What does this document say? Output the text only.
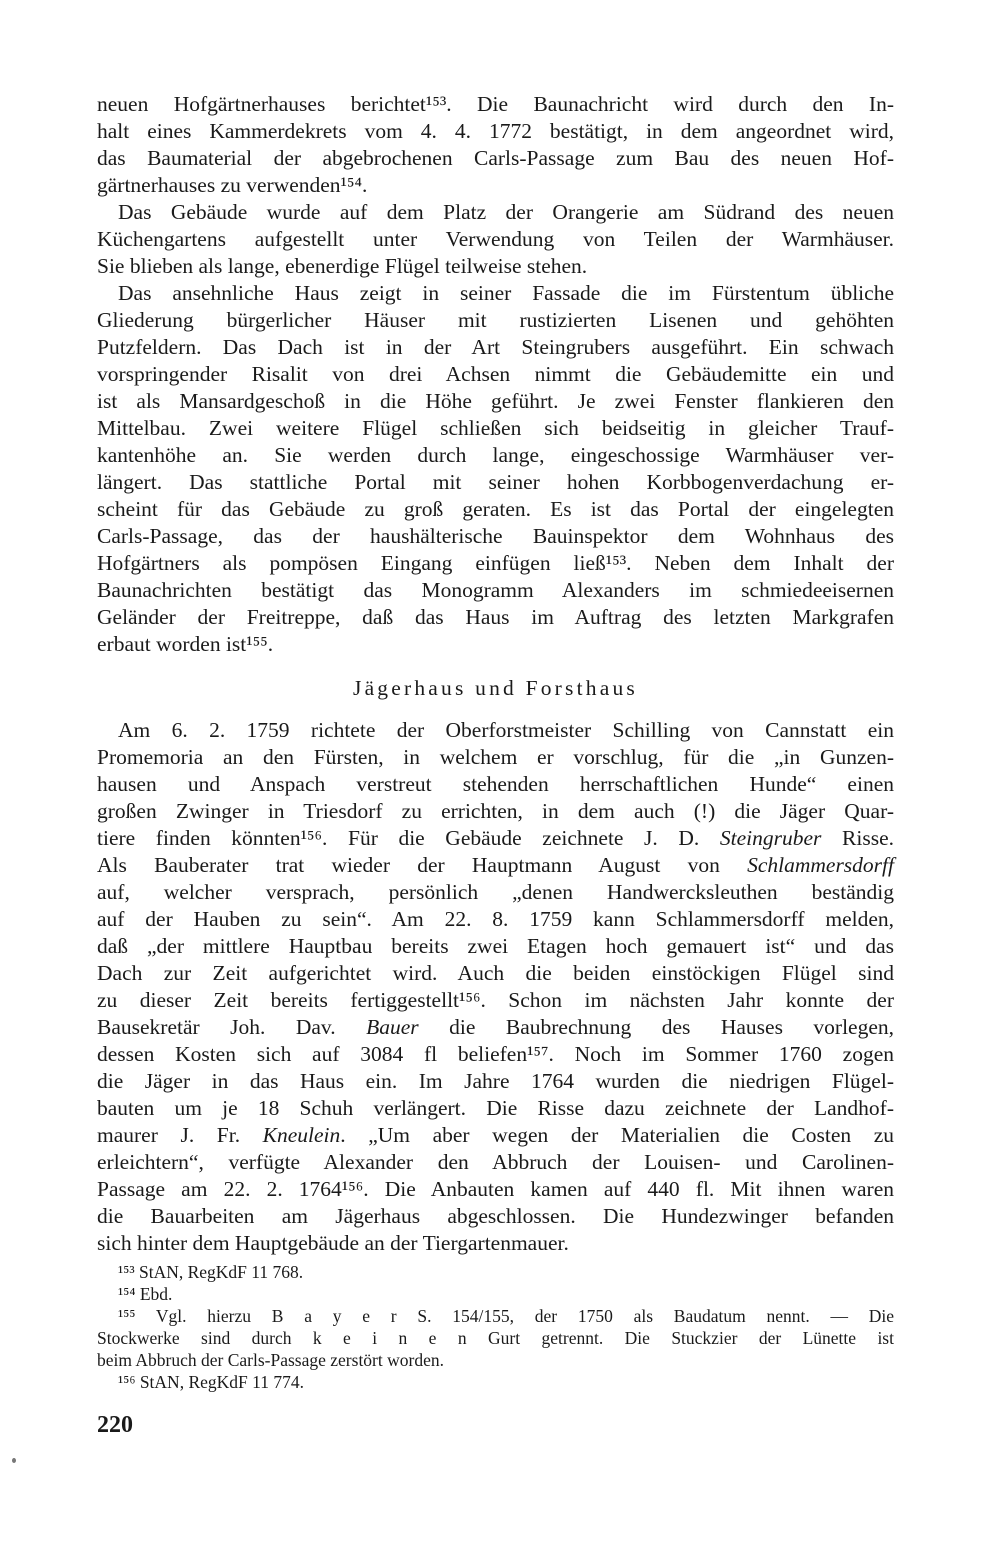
neuen Hofgärtnerhauses berichtet¹⁵³. Die Baunachricht wird durch den In-
halt eines Kammerdekrets vom 4. 4. 1772 bestätigt, in dem angeordnet wird,
das Baumaterial der abgebrochenen Carls-Passage zum Bau des neuen Hof-
gärtnerhauses zu verwenden¹⁵⁴.
Das Gebäude wurde auf dem Platz der Orangerie am Südrand des neuen
Küchengartens aufgestellt unter Verwendung von Teilen der Warmhäuser.
Sie blieben als lange, ebenerdige Flügel teilweise stehen.
Das ansehnliche Haus zeigt in seiner Fassade die im Fürstentum übliche
Gliederung bürgerlicher Häuser mit rustizierten Lisenen und gehöhten
Putzfeldern. Das Dach ist in der Art Steingrubers ausgeführt. Ein schwach
vorspringender Risalit von drei Achsen nimmt die Gebäudemitte ein und
ist als Mansardgeschoß in die Höhe geführt. Je zwei Fenster flankieren den
Mittelbau. Zwei weitere Flügel schließen sich beidseitig in gleicher Trauf-
kantenhöhe an. Sie werden durch lange, eingeschossige Warmhäuser ver-
längert. Das stattliche Portal mit seiner hohen Korbbogenverdachung er-
scheint für das Gebäude zu groß geraten. Es ist das Portal der eingelegten
Carls-Passage, das der haushälterische Bauinspektor dem Wohnhaus des
Hofgärtners als pompösen Eingang einfügen ließ¹⁵³. Neben dem Inhalt der
Baunachrichten bestätigt das Monogramm Alexanders im schmiedeeisernen
Geländer der Freitreppe, daß das Haus im Auftrag des letzten Markgrafen
erbaut worden ist¹⁵⁵.
Jägerhaus und Forsthaus
Am 6. 2. 1759 richtete der Oberforstmeister Schilling von Cannstatt ein
Promemoria an den Fürsten, in welchem er vorschlug, für die „in Gunzen-
hausen und Anspach verstreut stehenden herrschaftlichen Hunde“ einen
großen Zwinger in Triesdorf zu errichten, in dem auch (!) die Jäger Quar-
tiere finden könnten¹⁵⁶. Für die Gebäude zeichnete J. D. Steingruber Risse.
Als Bauberater trat wieder der Hauptmann August von Schlammersdorff
auf, welcher versprach, persönlich „denen Handwercksleuthen beständig
auf der Hauben zu sein“. Am 22. 8. 1759 kann Schlammersdorff melden,
daß „der mittlere Hauptbau bereits zwei Etagen hoch gemauert ist“ und das
Dach zur Zeit aufgerichtet wird. Auch die beiden einstöckigen Flügel sind
zu dieser Zeit bereits fertiggestellt¹⁵⁶. Schon im nächsten Jahr konnte der
Bausekretär Joh. Dav. Bauer die Baubrechnung des Hauses vorlegen,
dessen Kosten sich auf 3084 fl beliefen¹⁵⁷. Noch im Sommer 1760 zogen
die Jäger in das Haus ein. Im Jahre 1764 wurden die niedrigen Flügel-
bauten um je 18 Schuh verlängert. Die Risse dazu zeichnete der Landhof-
maurer J. Fr. Kneulein. „Um aber wegen der Materialien die Costen zu
erleichtern“, verfügte Alexander den Abbruch der Louisen- und Carolinen-
Passage am 22. 2. 1764¹⁵⁶. Die Anbauten kamen auf 440 fl. Mit ihnen waren
die Bauarbeiten am Jägerhaus abgeschlossen. Die Hundezwinger befanden
sich hinter dem Hauptgebäude an der Tiergartenmauer.
¹⁵³ StAN, RegKdF 11 768.
¹⁵⁴ Ebd.
¹⁵⁵ Vgl. hierzu B a y e r S. 154/155, der 1750 als Baudatum nennt. — Die
Stockwerke sind durch k e i n e n Gurt getrennt. Die Stuckzier der Lünette ist
beim Abbruch der Carls-Passage zerstört worden.
¹⁵⁶ StAN, RegKdF 11 774.
220
